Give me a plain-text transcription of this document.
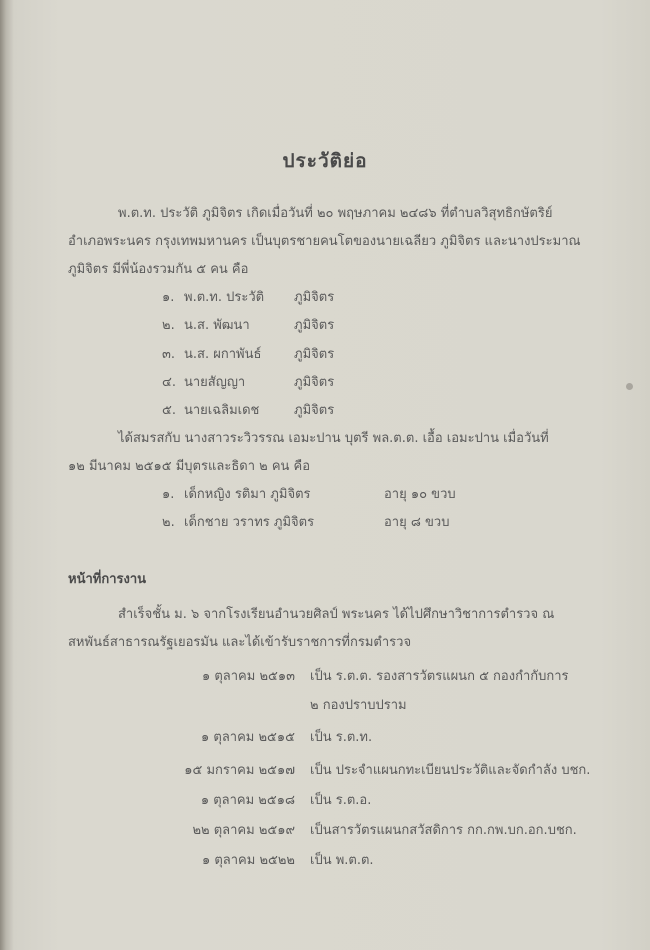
ประวัติย่อ
พ.ต.ท. ประวัติ ภูมิจิตร เกิดเมื่อวันที่ ๒๐ พฤษภาคม ๒๔๘๖ ที่ตำบลวิสุทธิกษัตริย์
อำเภอพระนคร กรุงเทพมหานคร เป็นบุตรชายคนโตของนายเฉลียว ภูมิจิตร และนางประมาณ
ภูมิจิตร มีพี่น้องรวมกัน ๕ คน คือ
๑. พ.ต.ท. ประวัติ ภูมิจิตร
๒. น.ส. พัฒนา	ภูมิจิตร
๓. น.ส. ผกาพันธ์	ภูมิจิตร
๔. นายสัญญา	ภูมิจิตร
๕. นายเฉลิมเดช	ภูมิจิตร
ได้สมรสกับ นางสาวระวิวรรณ เอมะปาน บุตรี พล.ต.ต. เอื้อ เอมะปาน เมื่อวันที่
๑๒ มีนาคม ๒๕๑๕ มีบุตรและธิดา ๒ คน คือ
๑. เด็กหญิง รติมา ภูมิจิตร	อายุ ๑๐ ขวบ
๒. เด็กชาย วราทร ภูมิจิตร	อายุ ๘ ขวบ
หน้าที่การงาน
สำเร็จชั้น ม. ๖ จากโรงเรียนอำนวยศิลป์ พระนคร ได้ไปศึกษาวิชาการตำรวจ ณ
สหพันธ์สาธารณรัฐเยอรมัน และได้เข้ารับราชการที่กรมตำรวจ
๑ ตุลาคม ๒๕๑๓ เป็น ร.ต.ต. รองสารวัตรแผนก ๕ กองกำกับการ
๒ กองปราบปราม
๑ ตุลาคม ๒๕๑๕ เป็น ร.ต.ท.
๑๕ มกราคม ๒๕๑๗ เป็น ประจำแผนกทะเบียนประวัติและจัดกำลัง บชก.
๑ ตุลาคม ๒๕๑๘ เป็น ร.ต.อ.
๒๒ ตุลาคม ๒๕๑๙ เป็นสารวัตรแผนกสวัสดิการ กก.กพ.บก.อก.บชก.
๑ ตุลาคม ๒๕๒๒ เป็น พ.ต.ต.
